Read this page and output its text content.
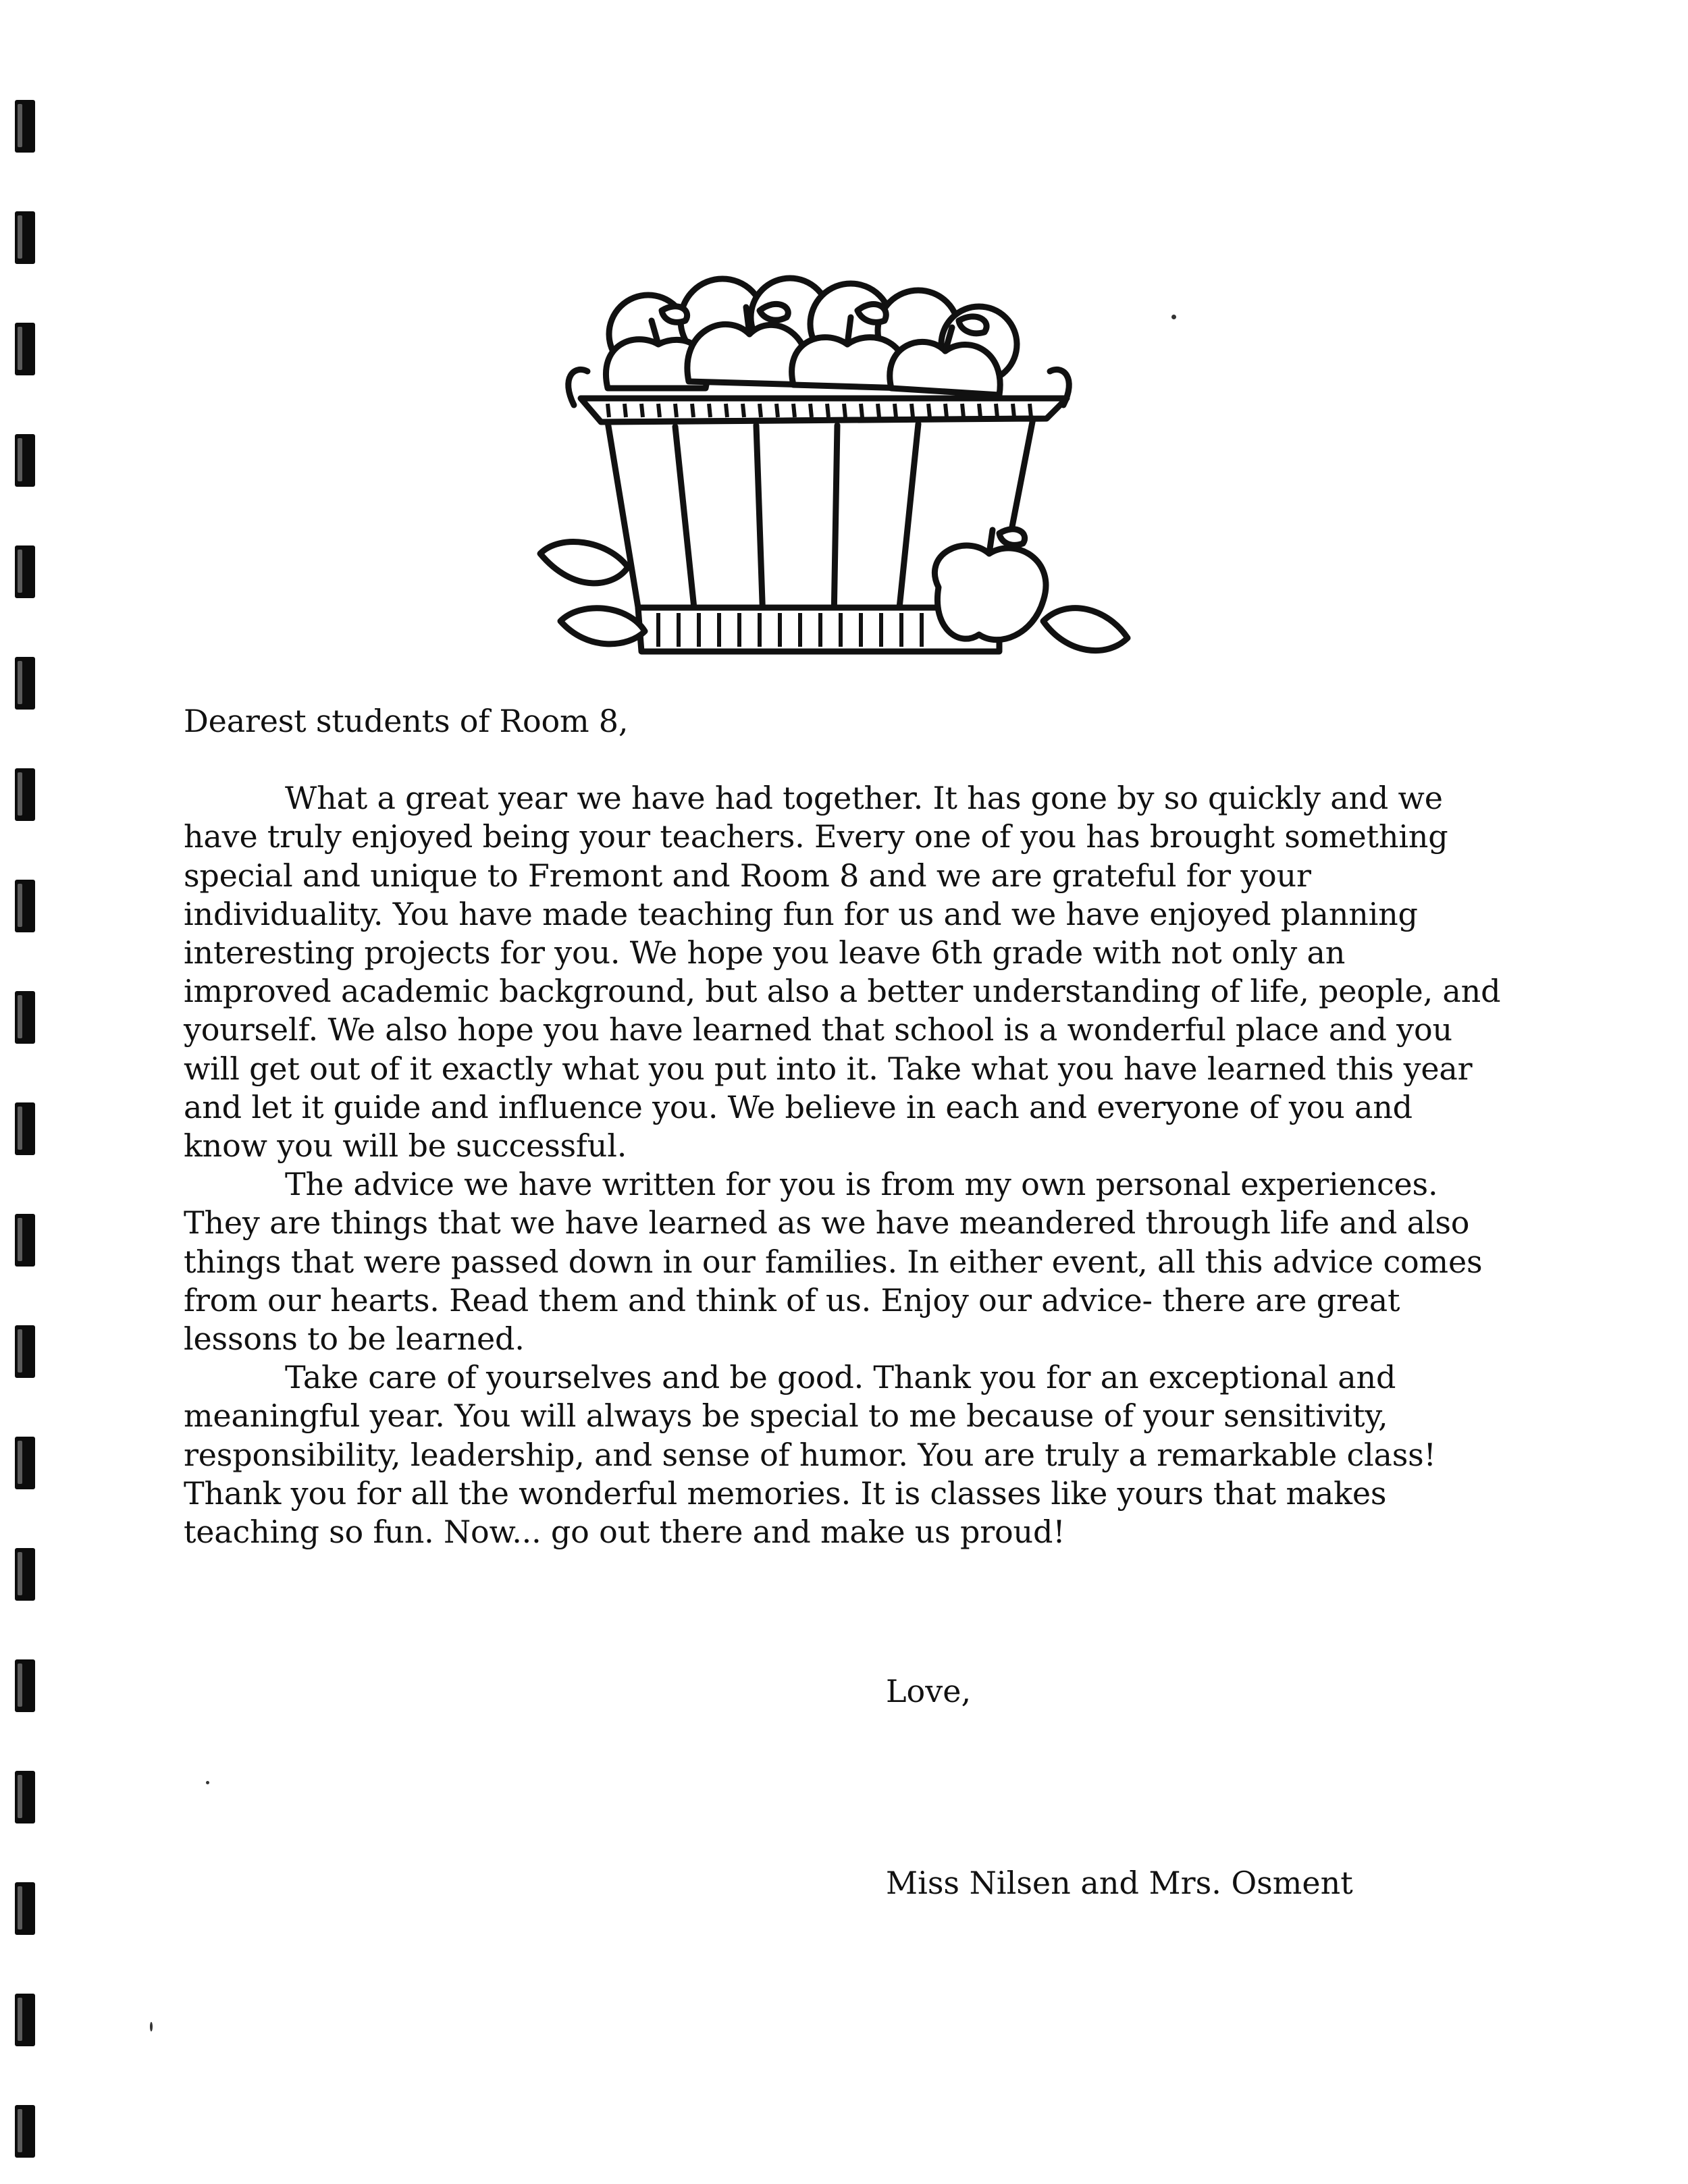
Dearest students of Room 8,
What a great year we have had together. It has gone by so quickly and we
have truly enjoyed being your teachers. Every one of you has brought something
special and unique to Fremont and Room 8 and we are grateful for your
individuality. You have made teaching fun for us and we have enjoyed planning
interesting projects for you. We hope you leave 6th grade with not only an
improved academic background, but also a better understanding of life, people, and
yourself. We also hope you have learned that school is a wonderful place and you
will get out of it exactly what you put into it. Take what you have learned this year
and let it guide and influence you. We believe in each and everyone of you and
know you will be successful.
The advice we have written for you is from my own personal experiences.
They are things that we have learned as we have meandered through life and also
things that were passed down in our families. In either event, all this advice comes
from our hearts. Read them and think of us. Enjoy our advice- there are great
lessons to be learned.
Take care of yourselves and be good. Thank you for an exceptional and
meaningful year. You will always be special to me because of your sensitivity,
responsibility, leadership, and sense of humor. You are truly a remarkable class!
Thank you for all the wonderful memories. It is classes like yours that makes
teaching so fun. Now... go out there and make us proud!
Love,
Miss Nilsen and Mrs. Osment
